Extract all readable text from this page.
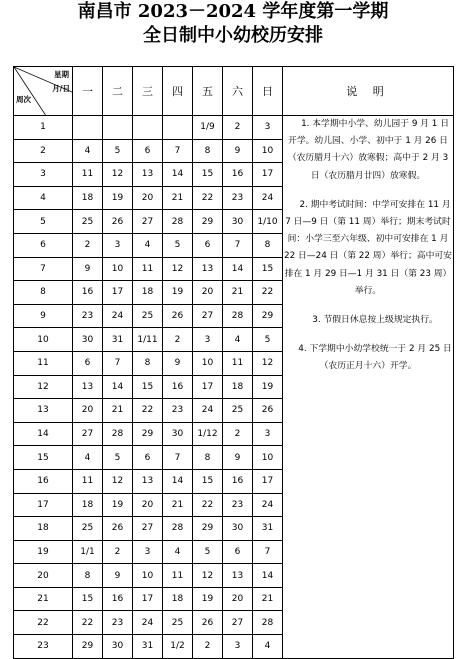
南昌市 2023－2024 学年度第一学期
全日制中小幼校历安排
星期
月/日
周次	一	二	三	四	五	六	日	说 明
1					1/9	2	3	1. 本学期中小学、幼儿园于 9 月 1 日开学。幼儿园、小学、初中于 1 月 26 日（农历腊月十六）放寒假；高中于 2 月 3 日（农历腊月廿四）放寒假。

2. 期中考试时间：中学可安排在 11 月 7 日—9 日（第 11 周）举行；期末考试时间：小学三至六年级、初中可安排在 1 月 22 日—24 日（第 22 周）举行；高中可安排在 1 月 29 日—1 月 31 日（第 23 周）举行。

3. 节假日休息按上级规定执行。

4. 下学期中小幼学校统一于 2 月 25 日（农历正月十六）开学。

2	4	5	6	7	8	9	10	
3	11	12	13	14	15	16	17	
4	18	19	20	21	22	23	24	
5	25	26	27	28	29	30	1/10	
6	2	3	4	5	6	7	8	
7	9	10	11	12	13	14	15	
8	16	17	18	19	20	21	22	
9	23	24	25	26	27	28	29	
10	30	31	1/11	2	3	4	5	
11	6	7	8	9	10	11	12	
12	13	14	15	16	17	18	19	
13	20	21	22	23	24	25	26	
14	27	28	29	30	1/12	2	3	
15	4	5	6	7	8	9	10	
16	11	12	13	14	15	16	17	
17	18	19	20	21	22	23	24	
18	25	26	27	28	29	30	31	
19	1/1	2	3	4	5	6	7	
20	8	9	10	11	12	13	14	
21	15	16	17	18	19	20	21	
22	22	23	24	25	26	27	28	
23	29	30	31	1/2	2	3	4	
